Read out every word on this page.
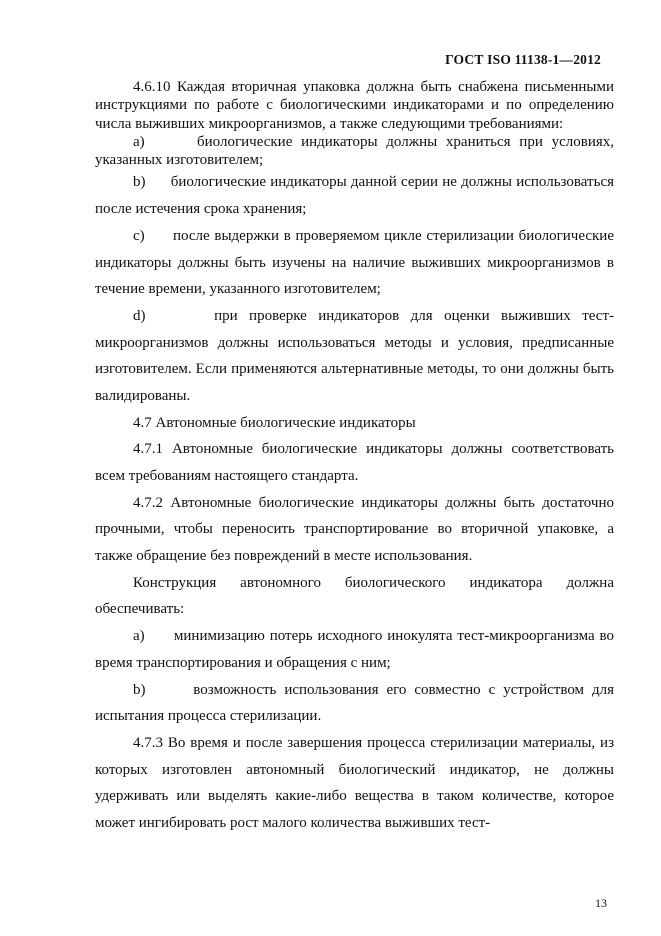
ГОСТ ISO 11138-1—2012

4.6.10 Каждая вторичная упаковка должна быть снабжена письменными инструкциями по работе с биологическими индикаторами и по определению числа выживших микроорганизмов, а также следующими требованиями:

a)      биологические индикаторы должны храниться при условиях, указанных изготовителем;

b)      биологические индикаторы данной серии не должны использоваться после истечения срока хранения;

c)      после выдержки в проверяемом цикле стерилизации биологические индикаторы должны быть изучены на наличие выживших микроорганизмов в течение времени, указанного изготовителем;

d)      при проверке индикаторов для оценки выживших тест-микроорганизмов должны использоваться методы и условия, предписанные изготовителем. Если применяются альтернативные методы, то они должны быть валидированы.

4.7 Автономные биологические индикаторы

4.7.1 Автономные биологические индикаторы должны соответствовать всем требованиям настоящего стандарта.

4.7.2 Автономные биологические индикаторы должны быть достаточно прочными, чтобы переносить транспортирование во вторичной упаковке, а также обращение без повреждений в месте использования.

Конструкция автономного биологического индикатора должна обеспечивать:

a)      минимизацию потерь исходного инокулята тест-микроорганизма во время транспортирования и обращения с ним;

b)      возможность использования его совместно с устройством для испытания процесса стерилизации.

4.7.3 Во время и после завершения процесса стерилизации материалы, из которых изготовлен автономный биологический индикатор, не должны удерживать или выделять какие-либо вещества в таком количестве, которое может ингибировать рост малого количества выживших тест-

13
